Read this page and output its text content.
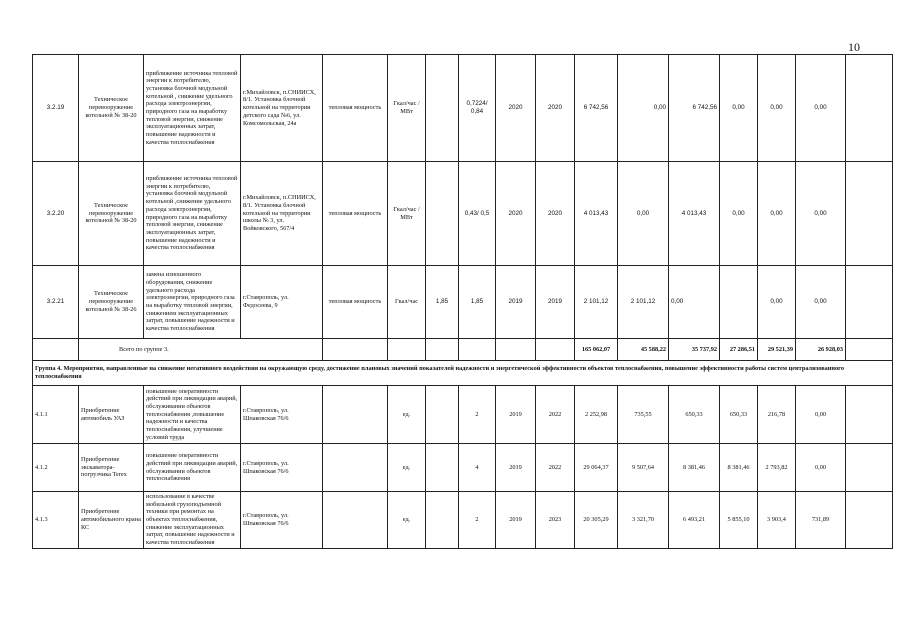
10
3.2.19	Техническое перевооружение котельной № 38-20	приближение источника тепловой энергии к потребителю, установка блочной модульной котельной , снижение удельного расхода электроэнергии, природного газа на выработку тепловой энергии, снижение эксплуатационных затрат, повышение надежности и качества теплоснабжения	г.Михайловск, п.СНИИСХ, 8/1. Установка блочной котельной на территории детского сада №6, ул. Комсомольская, 24а	тепловая мощность	Гкал/час / МВт		0,7224/ 0,84	2020	2020	6 742,56	0,00	6 742,56	0,00	0,00	0,00	
3.2.20	Техническое перевооружение котельной № 38-20	приближение источника тепловой энергии к потребителю, установка блочной модульной котельной ,снижение удельного расхода электроэнергии, природного газа на выработку тепловой энергии, снижение эксплуатационных затрат, повышение надежности и качества теплоснабжения	г.Михайловск, п.СНИИСХ, 8/1. Установка блочной котельной на территории школы № 3, ул. Войковского, 567/4	тепловая мощность	Гкал/час / МВт		0,43/ 0,5	2020	2020	4 013,43	0,00	4 013,43	0,00	0,00	0,00	
3.2.21	Техническое перевооружение котельной № 38-26	замена изношенного оборудования, снижение удельного расхода электроэнергии, природного газа на выработку тепловой энергии, снижением эксплуатационных затрат, повышение надежности и качества теплоснабжения	г.Ставрополь, ул. Федосеева, 9	тепловая мощность	Гкал/час	1,85	1,85	2019	2019	2 101,12	2 101,12	0,00		0,00	0,00	
	Всего по группе 3.									165 062,07	45 588,22	35 737,92	27 286,51	29 521,39	26 928,03	
Группа 4. Мероприятия, направленные на снижение негативного воздействия на окружающую среду, достижение плановых значений показателей надежности и энергетической эффективности объектов теплоснабжения, повышение эффективности работы систем централизованного теплоснабжения																
4.1.1	Приобретение автомобиль УАЗ	повышение оперативности действий при ликвидации аварий, обслуживании объектов теплоснабжения ,повышение надежности и качества теплоснабжения, улучшение условий труда	г.Ставрополь, ул. Шпаковская 76/6		ед.		2	2019	2022	2 252,98	735,55	650,33	650,33	216,78	0,00	
4.1.2	Приобретение экскаватора-погрузчика Terex	повышение оперативности действий при ликвидации аварий, обслуживании объектов теплоснабжения	г.Ставрополь, ул. Шпаковская 76/6		ед.		4	2019	2022	29 064,37	9 507,64	8 381,46	8 381,46	2 793,82	0,00	
4.1.3	Приобретение автомобильного крана КС	использование в качестве мобильной грузоподъемной техники при ремонтах на объектах теплоснабжения, снижение эксплуатационных затрат, повышение надежности и качества теплоснабжения	г.Ставрополь, ул. Шпаковская 76/6		ед.		2	2019	2023	20 305,29	3 321,70	6 493,21	5 855,10	3 903,4	731,89	
